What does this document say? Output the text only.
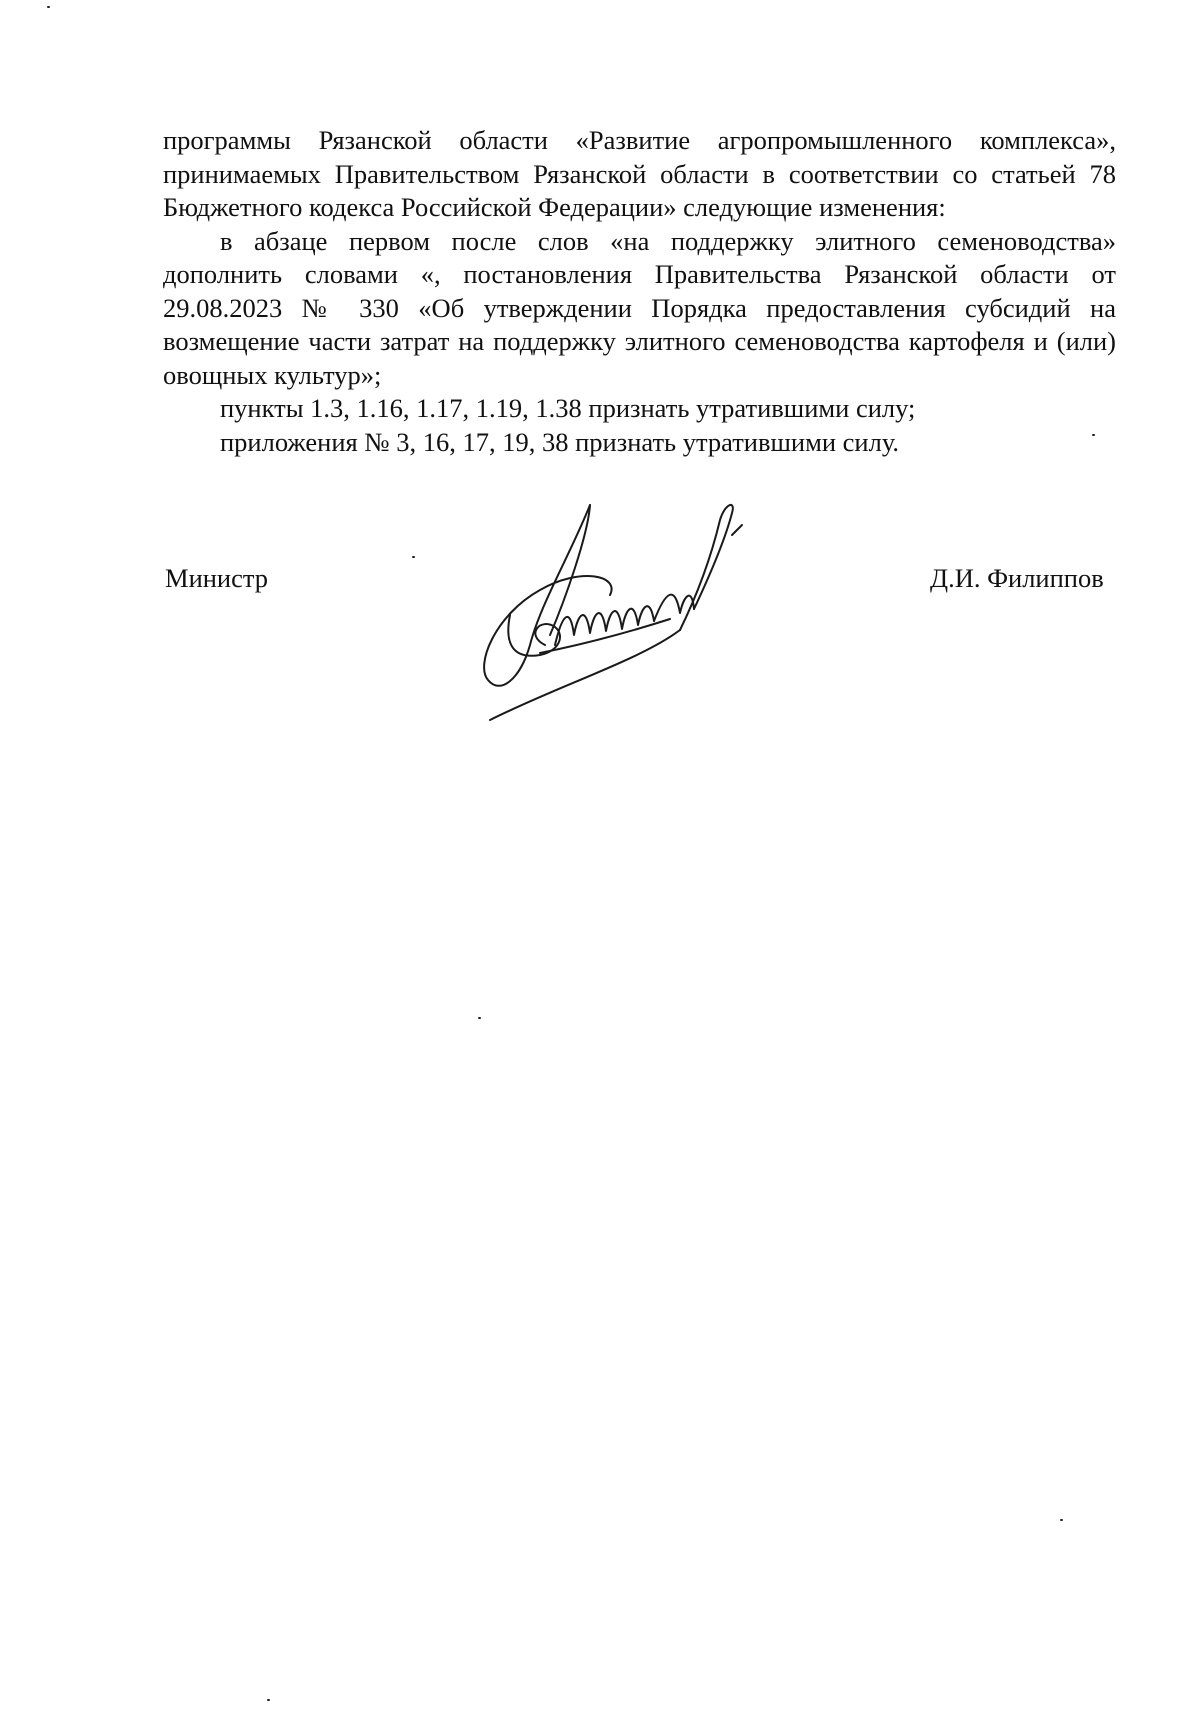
программы Рязанской области «Развитие агропромышленного комплекса», принимаемых Правительством Рязанской области в соответствии со статьей 78 Бюджетного кодекса Российской Федерации» следующие изменения:

в абзаце первом после слов «на поддержку элитного семеноводства» дополнить словами «, постановления Правительства Рязанской области от 29.08.2023 № 330 «Об утверждении Порядка предоставления субсидий на возмещение части затрат на поддержку элитного семеноводства картофеля и (или) овощных культур»;

пункты 1.3, 1.16, 1.17, 1.19, 1.38 признать утратившими силу;

приложения № 3, 16, 17, 19, 38 признать утратившими силу.

Министр	Д.И. Филиппов
